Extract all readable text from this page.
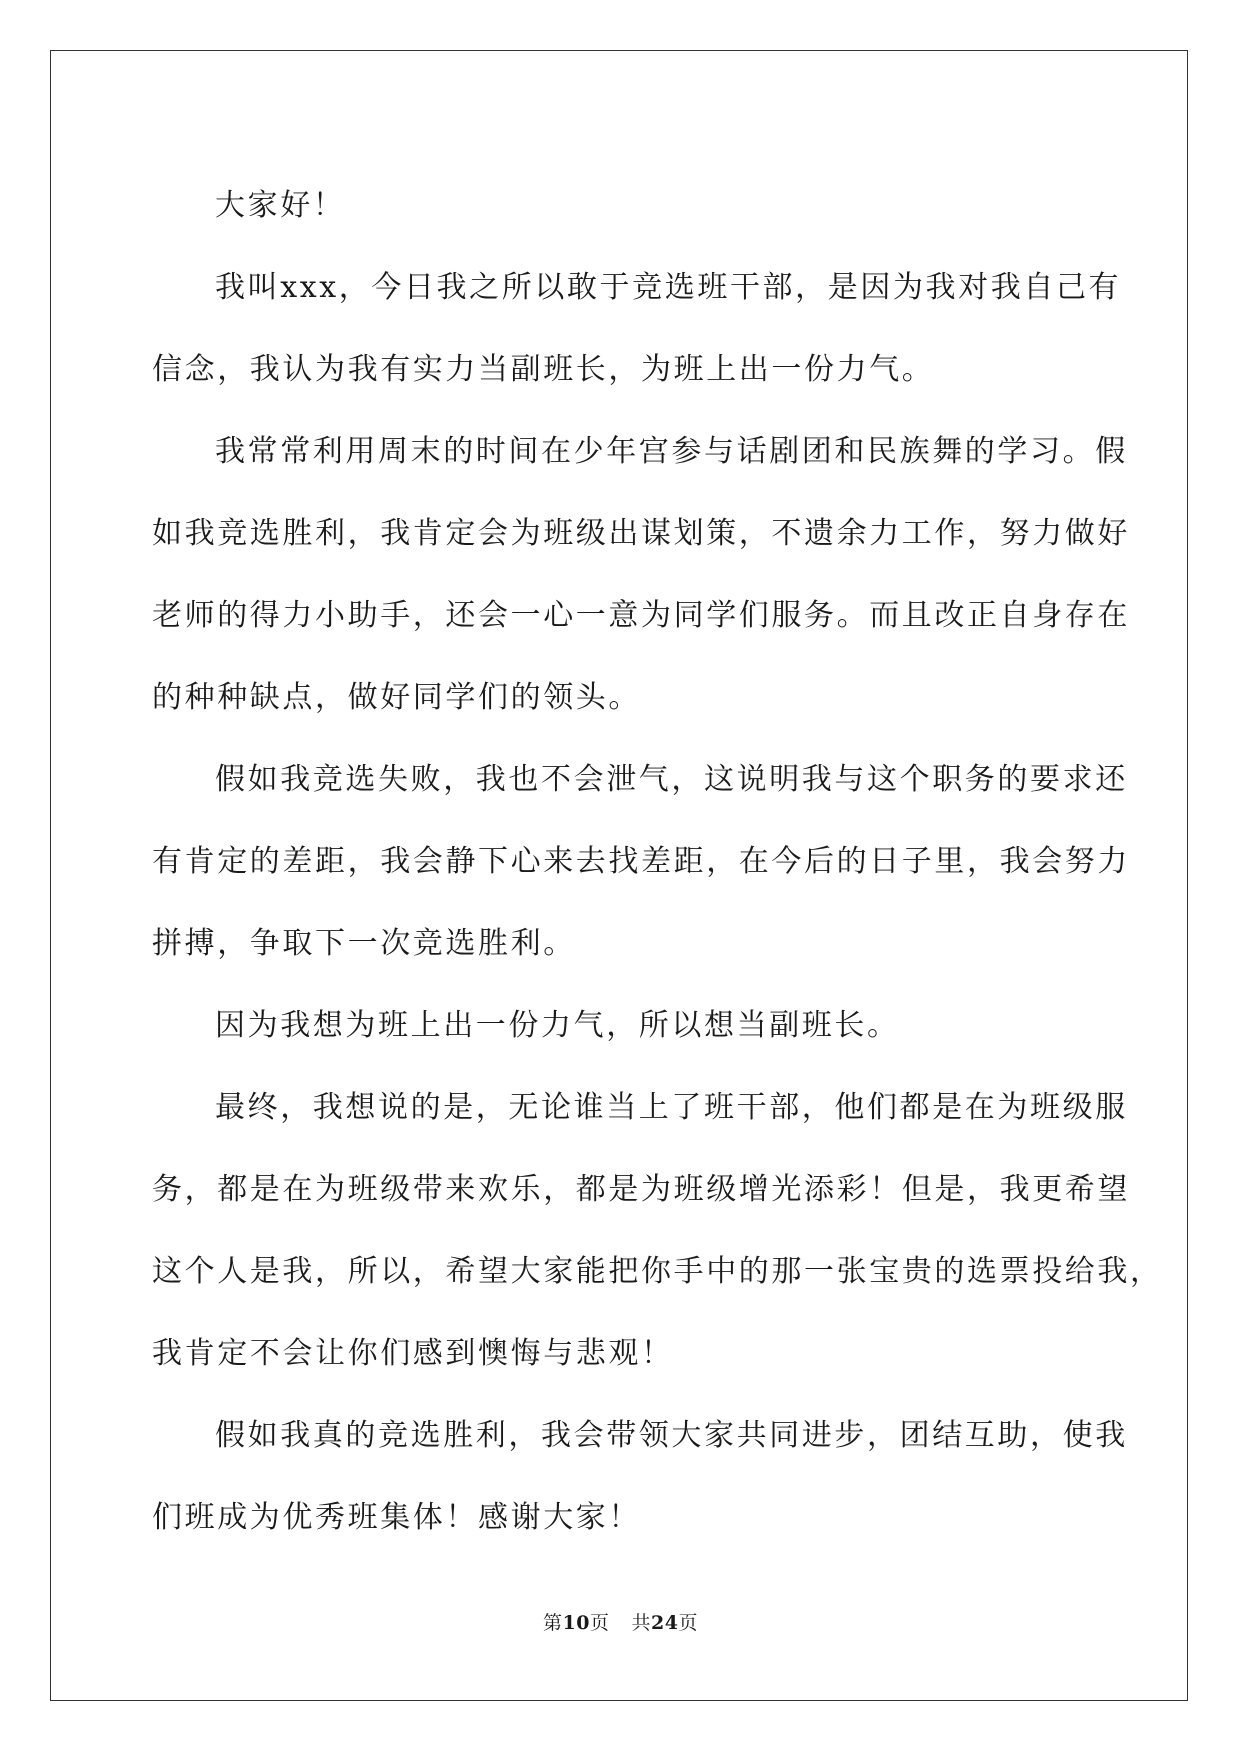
大家好！

我叫xxx，今日我之所以敢于竞选班干部，是因为我对我自己有

信念，我认为我有实力当副班长，为班上出一份力气。

我常常利用周末的时间在少年宫参与话剧团和民族舞的学习。假

如我竞选胜利，我肯定会为班级出谋划策，不遗余力工作，努力做好

老师的得力小助手，还会一心一意为同学们服务。而且改正自身存在

的种种缺点，做好同学们的领头。

假如我竞选失败，我也不会泄气，这说明我与这个职务的要求还

有肯定的差距，我会静下心来去找差距，在今后的日子里，我会努力

拼搏，争取下一次竞选胜利。

因为我想为班上出一份力气，所以想当副班长。

最终，我想说的是，无论谁当上了班干部，他们都是在为班级服

务，都是在为班级带来欢乐，都是为班级增光添彩！但是，我更希望

这个人是我，所以，希望大家能把你手中的那一张宝贵的选票投给我，

我肯定不会让你们感到懊悔与悲观！

假如我真的竞选胜利，我会带领大家共同进步，团结互助，使我

们班成为优秀班集体！感谢大家！

第10页 共24页
